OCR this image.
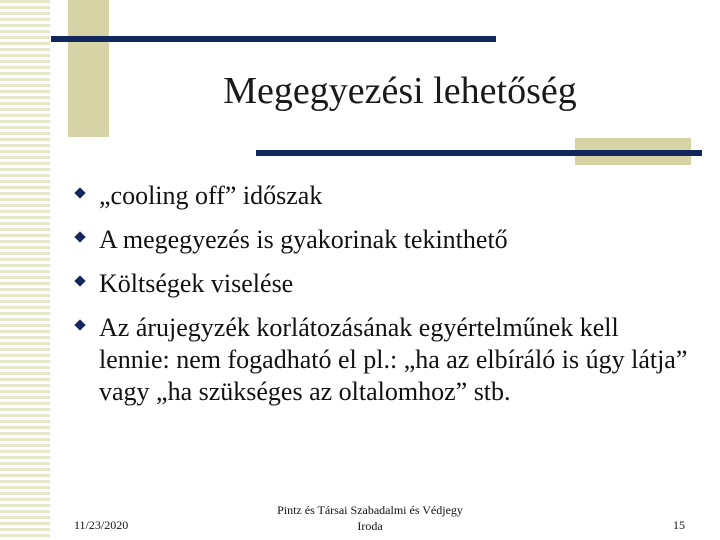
Megegyezési lehetőség
„cooling off” időszak
A megegyezés is gyakorinak tekinthető
Költségek viselése
Az árujegyzék korlátozásának egyértelműnek kell lennie: nem fogadható el pl.: „ha az elbíráló is úgy látja” vagy „ha szükséges az oltalomhoz” stb.
11/23/2020
Pintz és Társai Szabadalmi és Védjegy
Iroda	15
